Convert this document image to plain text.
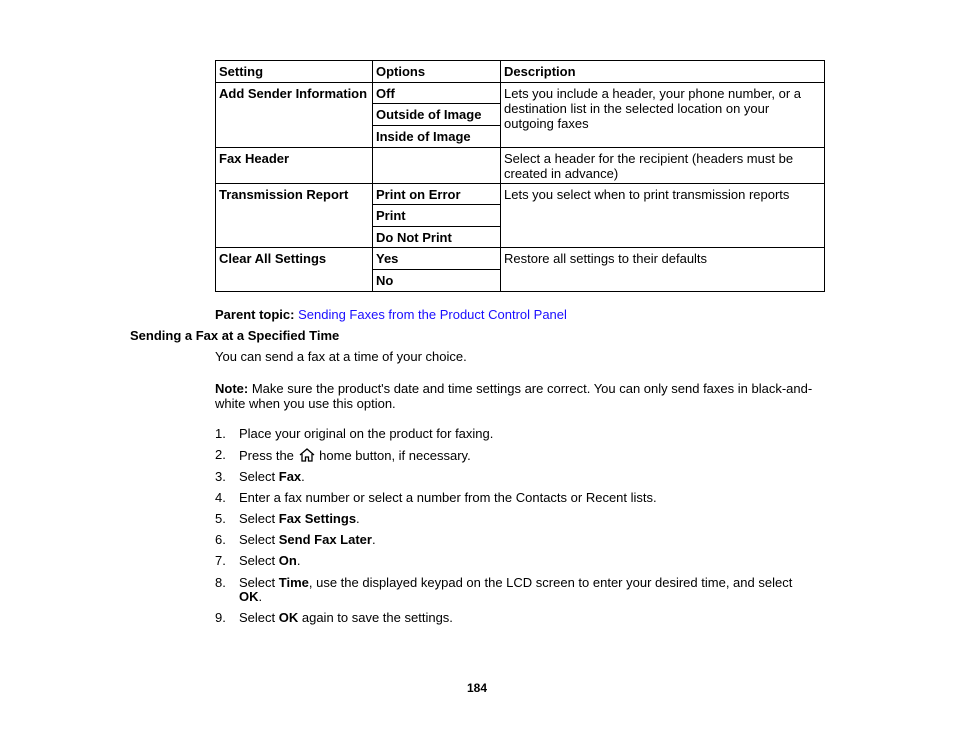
Setting	Options	Description
Add Sender Information	Off	Lets you include a header, your phone number, or a destination list in the selected location on your outgoing faxes
	Outside of Image	
	Inside of Image	
Fax Header		Select a header for the recipient (headers must be created in advance)
Transmission Report	Print on Error	Lets you select when to print transmission reports
	Print	
	Do Not Print	
Clear All Settings	Yes	Restore all settings to their defaults
	No	
Parent topic: Sending Faxes from the Product Control Panel
Sending a Fax at a Specified Time
You can send a fax at a time of your choice.
Note: Make sure the product's date and time settings are correct. You can only send faxes in black-and-white when you use this option.
1. Place your original on the product for faxing.
2. Press the home button, if necessary.
3. Select Fax.
4. Enter a fax number or select a number from the Contacts or Recent lists.
5. Select Fax Settings.
6. Select Send Fax Later.
7. Select On.
8. Select Time, use the displayed keypad on the LCD screen to enter your desired time, and select OK.
9. Select OK again to save the settings.
184
